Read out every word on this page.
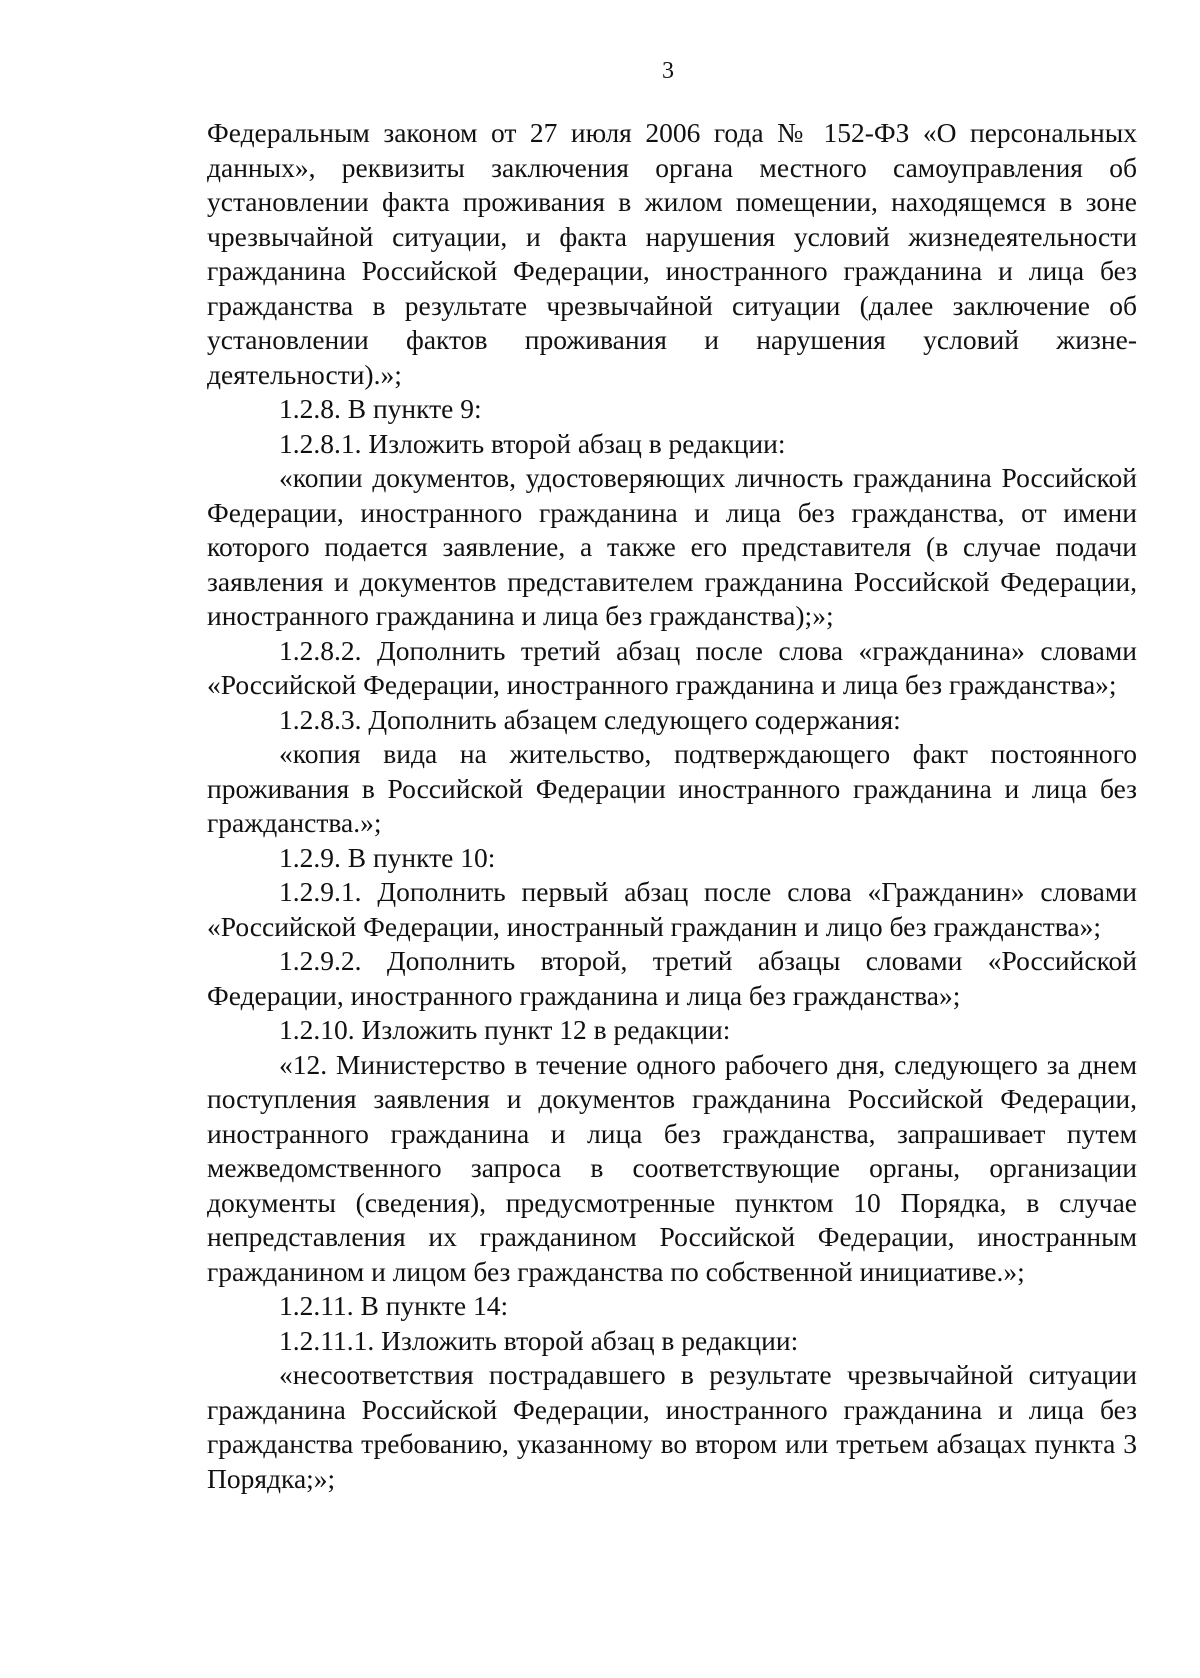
3

Федеральным законом от 27 июля 2006 года № 152-ФЗ «О персональных данных», реквизиты заключения органа местного самоуправления об установлении факта проживания в жилом помещении, находящемся в зоне чрезвычайной ситуации, и факта нарушения условий жизнедеятельности гражданина Российской Федерации, иностранного гражданина и лица без гражданства в результате чрезвычайной ситуации (далее заключение об установлении фактов проживания и нарушения условий жизнедеятельности).»;

1.2.8. В пункте 9:

1.2.8.1. Изложить второй абзац в редакции:

«копии документов, удостоверяющих личность гражданина Российской Федерации, иностранного гражданина и лица без гражданства, от имени которого подается заявление, а также его представителя (в случае подачи заявления и документов представителем гражданина Российской Федерации, иностранного гражданина и лица без гражданства);»;

1.2.8.2. Дополнить третий абзац после слова «гражданина» словами «Российской Федерации, иностранного гражданина и лица без гражданства»;

1.2.8.3. Дополнить абзацем следующего содержания:

«копия вида на жительство, подтверждающего факт постоянного проживания в Российской Федерации иностранного гражданина и лица без гражданства.»;

1.2.9. В пункте 10:

1.2.9.1. Дополнить первый абзац после слова «Гражданин» словами «Российской Федерации, иностранный гражданин и лицо без гражданства»;

1.2.9.2. Дополнить второй, третий абзацы словами «Российской Федерации, иностранного гражданина и лица без гражданства»;

1.2.10. Изложить пункт 12 в редакции:

«12. Министерство в течение одного рабочего дня, следующего за днем поступления заявления и документов гражданина Российской Федерации, иностранного гражданина и лица без гражданства, запрашивает путем межведомственного запроса в соответствующие органы, организации документы (сведения), предусмотренные пунктом 10 Порядка, в случае непредставления их гражданином Российской Федерации, иностранным гражданином и лицом без гражданства по собственной инициативе.»;

1.2.11. В пункте 14:

1.2.11.1. Изложить второй абзац в редакции:

«несоответствия пострадавшего в результате чрезвычайной ситуации гражданина Российской Федерации, иностранного гражданина и лица без гражданства требованию, указанному во втором или третьем абзацах пункта 3 Порядка;»;
